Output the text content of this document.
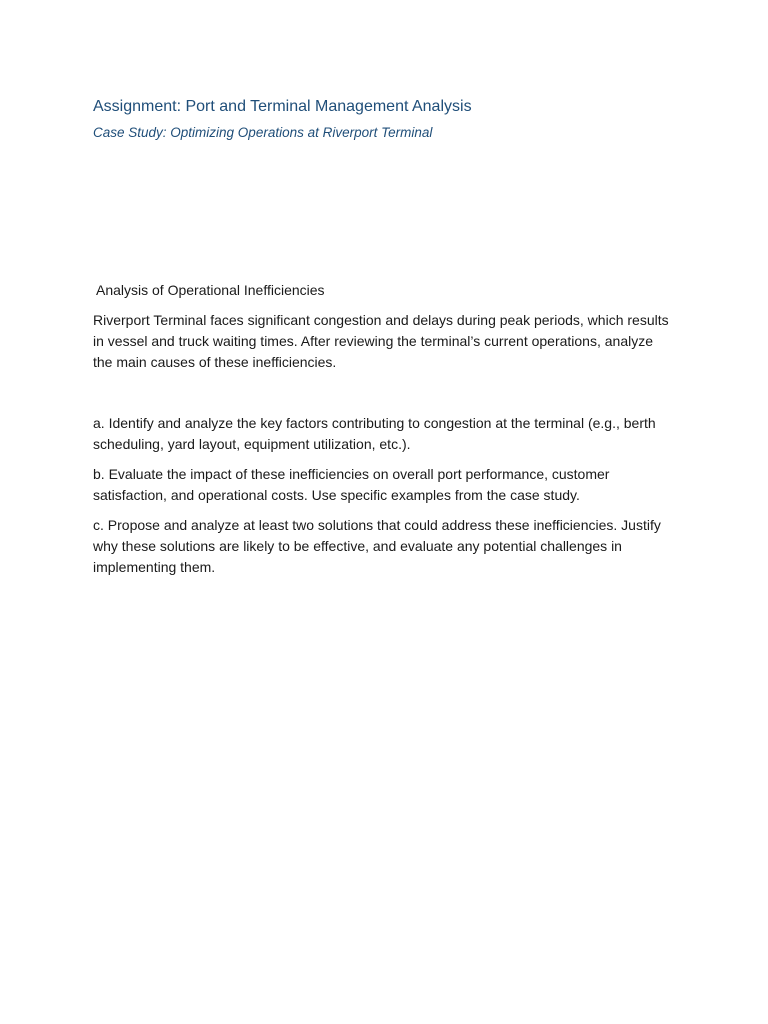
Assignment: Port and Terminal Management Analysis
Case Study: Optimizing Operations at Riverport Terminal
Analysis of Operational Inefficiencies

Riverport Terminal faces significant congestion and delays during peak periods, which results in vessel and truck waiting times. After reviewing the terminal’s current operations, analyze the main causes of these inefficiencies.

a. Identify and analyze the key factors contributing to congestion at the terminal (e.g., berth scheduling, yard layout, equipment utilization, etc.).

b. Evaluate the impact of these inefficiencies on overall port performance, customer satisfaction, and operational costs. Use specific examples from the case study.

c. Propose and analyze at least two solutions that could address these inefficiencies. Justify why these solutions are likely to be effective, and evaluate any potential challenges in implementing them.
